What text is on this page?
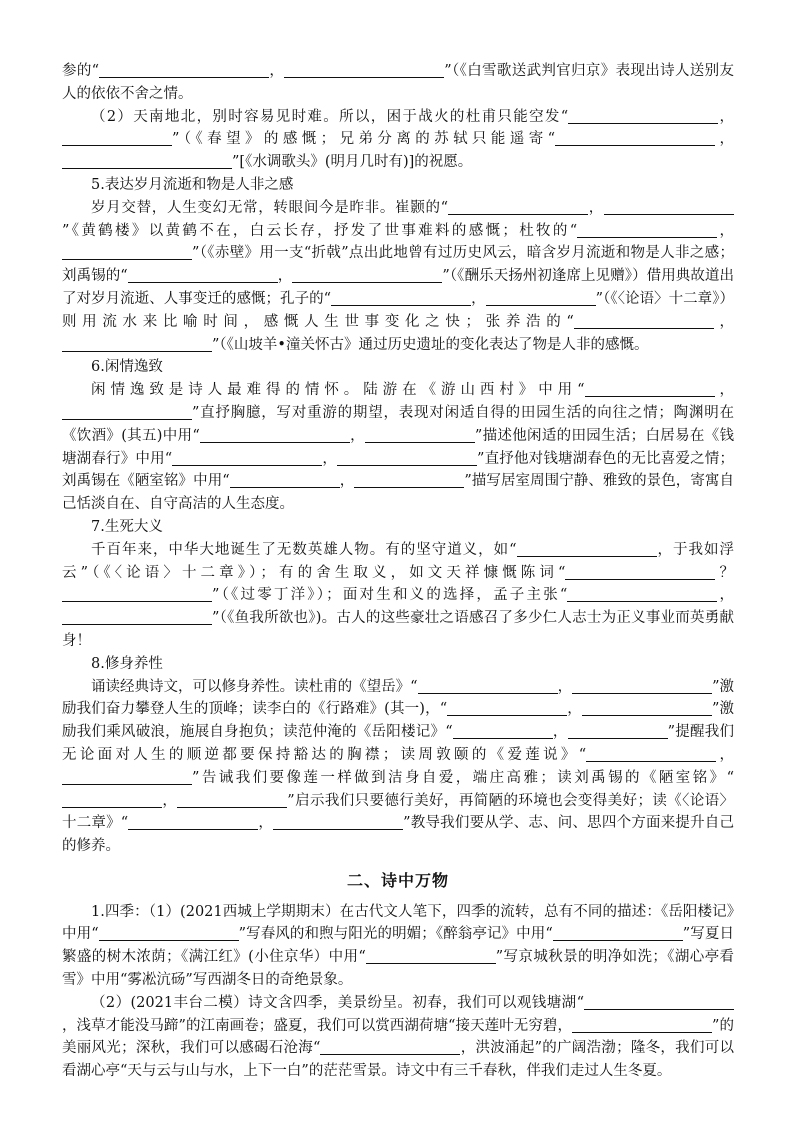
参的“	，	”（《白雪歌送武判官归京》表现出诗人送别友人的依依不舍之情。

（2）天南地北，别时容易见时难。所以，困于战火的杜甫只能空发“	，”（《春望》的感慨；兄弟分离的苏轼只能遥寄“	，”[《水调歌头》(明月几时有)]的祝愿。

5.表达岁月流逝和物是人非之感

岁月交替，人生变幻无常，转眼间今是昨非。崔颢的“	，”《黄鹤楼》以黄鹤不在，白云长存，抒发了世事难料的感慨；杜牧的“	，”（《赤壁》用一支“折戟”点出此地曾有过历史风云，暗含岁月流逝和物是人非之感；刘禹锡的“	，	”（《酬乐天扬州初逢席上见赠》）借用典故道出了对岁月流逝、人事变迁的感慨；孔子的“	，	”（《〈论语〉十二章》）则用流水来比喻时间，感慨人生世事变化之快；张养浩的“	，”（《山坡羊•潼关怀古》通过历史遗址的变化表达了物是人非的感慨。

6.闲情逸致

闲情逸致是诗人最难得的情怀。陆游在《游山西村》中用“	，”直抒胸臆，写对重游的期望，表现对闲适自得的田园生活的向往之情；陶渊明在《饮酒》(其五)中用“	，	”描述他闲适的田园生活；白居易在《钱塘湖春行》中用“	，	”直抒他对钱塘湖春色的无比喜爱之情；刘禹锡在《陋室铭》中用“	，	”描写居室周围宁静、雅致的景色，寄寓自己恬淡自在、自守高洁的人生态度。

7.生死大义

千百年来，中华大地诞生了无数英雄人物。有的坚守道义，如“	，于我如浮云”（《〈论语〉十二章》）；有的舍生取义，如文天祥慷慨陈词“	？”（《过零丁洋》）；面对生和义的选择，孟子主张“	，”（《鱼我所欲也》)。古人的这些豪壮之语感召了多少仁人志士为正义事业而英勇献身！

8.修身养性

诵读经典诗文，可以修身养性。读杜甫的《望岳》“	，	”激励我们奋力攀登人生的顶峰；读李白的《行路难》(其一)，“	，	”激励我们乘风破浪，施展自身抱负；读范仲淹的《岳阳楼记》“	，	”提醒我们无论面对人生的顺逆都要保持豁达的胸襟；读周敦颐的《爱莲说》“	，”告诫我们要像莲一样做到洁身自爱，端庄高雅；读刘禹锡的《陋室铭》“，	”启示我们只要德行美好，再简陋的环境也会变得美好；读《〈论语〉十二章》“	，	”教导我们要从学、志、问、思四个方面来提升自己的修养。

二、诗中万物

1.四季：（1）(2021西城上学期期末）在古代文人笔下，四季的流转，总有不同的描述：《岳阳楼记》中用“	”写春风的和煦与阳光的明媚；《醉翁亭记》中用“	”写夏日繁盛的树木浓荫；《满江红》(小住京华）中用“	”写京城秋景的明净如洗；《湖心亭看雪》中用“雾凇沆砀”写西湖冬日的奇绝景象。

（2）(2021丰台二模）诗文含四季，美景纷呈。初春，我们可以观钱塘湖“，浅草才能没马蹄”的江南画卷；盛夏，我们可以赏西湖荷塘“接天莲叶无穷碧，	”的美丽风光；深秋，我们可以感碣石沧海“	，洪波涌起”的广阔浩渤；隆冬，我们可以看湖心亭“天与云与山与水，上下一白”的茫茫雪景。诗文中有三千春秋，伴我们走过人生冬夏。
